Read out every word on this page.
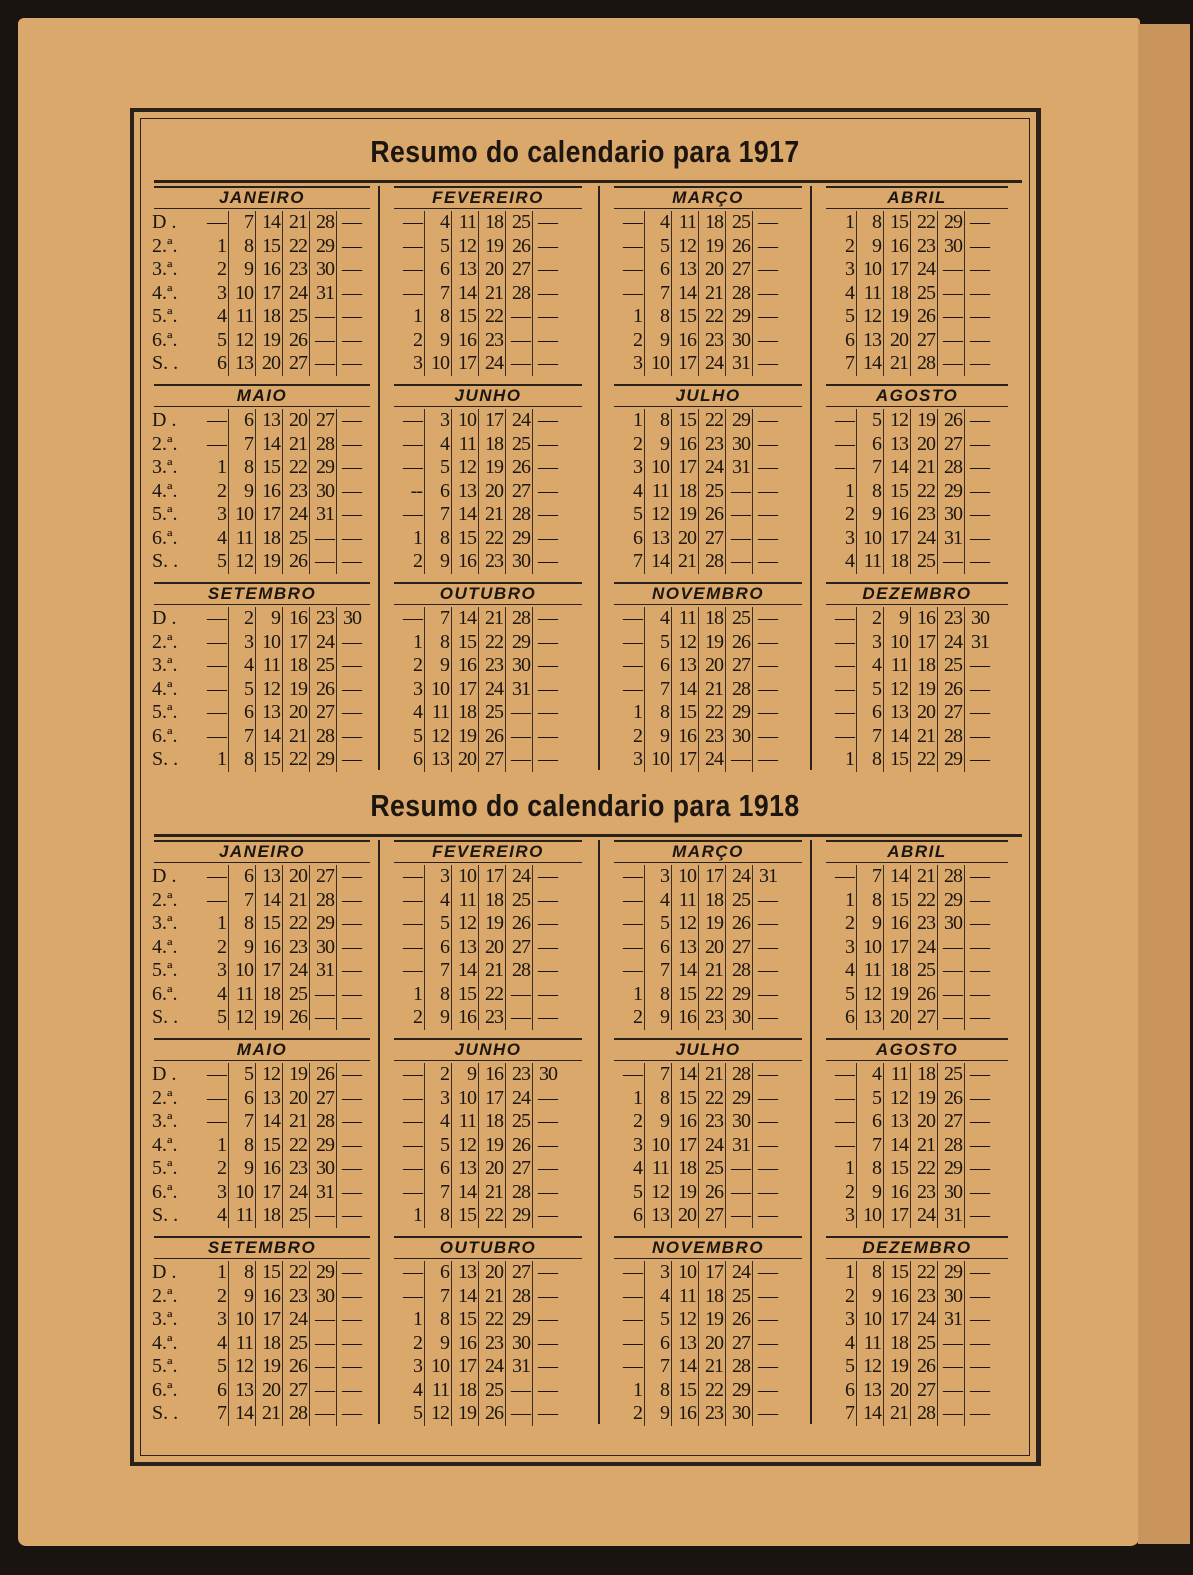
Resumo do calendario para 1917
Resumo do calendario para 1918
JANEIRO
D .
2.ª.
3.ª.
4.ª.
5.ª.
6.ª.
S. .
—
1
2
3
4
5
6
7
8
9
10
11
12
13
14
15
16
17
18
19
20
21
22
23
24
25
26
27
28
29
30
31
—
—
—
—
—
—
—
—
—
—
FEVEREIRO
—
—
—
—
1
2
3
4
5
6
7
8
9
10
11
12
13
14
15
16
17
18
19
20
21
22
23
24
25
26
27
28
—
—
—
—
—
—
—
—
—
—
MARÇO
—
—
—
—
1
2
3
4
5
6
7
8
9
10
11
12
13
14
15
16
17
18
19
20
21
22
23
24
25
26
27
28
29
30
31
—
—
—
—
—
—
—
ABRIL
1
2
3
4
5
6
7
8
9
10
11
12
13
14
15
16
17
18
19
20
21
22
23
24
25
26
27
28
29
30
—
—
—
—
—
—
—
—
—
—
—
—
MAIO
D .
2.ª.
3.ª.
4.ª.
5.ª.
6.ª.
S. .
—
—
1
2
3
4
5
6
7
8
9
10
11
12
13
14
15
16
17
18
19
20
21
22
23
24
25
26
27
28
29
30
31
—
—
—
—
—
—
—
—
—
JUNHO
—
—
—
--
—
1
2
3
4
5
6
7
8
9
10
11
12
13
14
15
16
17
18
19
20
21
22
23
24
25
26
27
28
29
30
—
—
—
—
—
—
—
JULHO
1
2
3
4
5
6
7
8
9
10
11
12
13
14
15
16
17
18
19
20
21
22
23
24
25
26
27
28
29
30
31
—
—
—
—
—
—
—
—
—
—
—
AGOSTO
—
—
—
1
2
3
4
5
6
7
8
9
10
11
12
13
14
15
16
17
18
19
20
21
22
23
24
25
26
27
28
29
30
31
—
—
—
—
—
—
—
—
SETEMBRO
D .
2.ª.
3.ª.
4.ª.
5.ª.
6.ª.
S. .
—
—
—
—
—
—
1
2
3
4
5
6
7
8
9
10
11
12
13
14
15
16
17
18
19
20
21
22
23
24
25
26
27
28
29
30
—
—
—
—
—
—
OUTUBRO
—
1
2
3
4
5
6
7
8
9
10
11
12
13
14
15
16
17
18
19
20
21
22
23
24
25
26
27
28
29
30
31
—
—
—
—
—
—
—
—
—
—
NOVEMBRO
—
—
—
—
1
2
3
4
5
6
7
8
9
10
11
12
13
14
15
16
17
18
19
20
21
22
23
24
25
26
27
28
29
30
—
—
—
—
—
—
—
—
DEZEMBRO
—
—
—
—
—
—
1
2
3
4
5
6
7
8
9
10
11
12
13
14
15
16
17
18
19
20
21
22
23
24
25
26
27
28
29
30
31
—
—
—
—
—
JANEIRO
D .
2.ª.
3.ª.
4.ª.
5.ª.
6.ª.
S. .
—
—
1
2
3
4
5
6
7
8
9
10
11
12
13
14
15
16
17
18
19
20
21
22
23
24
25
26
27
28
29
30
31
—
—
—
—
—
—
—
—
—
FEVEREIRO
—
—
—
—
—
1
2
3
4
5
6
7
8
9
10
11
12
13
14
15
16
17
18
19
20
21
22
23
24
25
26
27
28
—
—
—
—
—
—
—
—
—
MARÇO
—
—
—
—
—
1
2
3
4
5
6
7
8
9
10
11
12
13
14
15
16
17
18
19
20
21
22
23
24
25
26
27
28
29
30
31
—
—
—
—
—
—
ABRIL
—
1
2
3
4
5
6
7
8
9
10
11
12
13
14
15
16
17
18
19
20
21
22
23
24
25
26
27
28
29
30
—
—
—
—
—
—
—
—
—
—
—
MAIO
D .
2.ª.
3.ª.
4.ª.
5.ª.
6.ª.
S. .
—
—
—
1
2
3
4
5
6
7
8
9
10
11
12
13
14
15
16
17
18
19
20
21
22
23
24
25
26
27
28
29
30
31
—
—
—
—
—
—
—
—
JUNHO
—
—
—
—
—
—
1
2
3
4
5
6
7
8
9
10
11
12
13
14
15
16
17
18
19
20
21
22
23
24
25
26
27
28
29
30
—
—
—
—
—
—
JULHO
—
1
2
3
4
5
6
7
8
9
10
11
12
13
14
15
16
17
18
19
20
21
22
23
24
25
26
27
28
29
30
31
—
—
—
—
—
—
—
—
—
—
AGOSTO
—
—
—
—
1
2
3
4
5
6
7
8
9
10
11
12
13
14
15
16
17
18
19
20
21
22
23
24
25
26
27
28
29
30
31
—
—
—
—
—
—
—
SETEMBRO
D .
2.ª.
3.ª.
4.ª.
5.ª.
6.ª.
S. .
1
2
3
4
5
6
7
8
9
10
11
12
13
14
15
16
17
18
19
20
21
22
23
24
25
26
27
28
29
30
—
—
—
—
—
—
—
—
—
—
—
—
OUTUBRO
—
—
1
2
3
4
5
6
7
8
9
10
11
12
13
14
15
16
17
18
19
20
21
22
23
24
25
26
27
28
29
30
31
—
—
—
—
—
—
—
—
—
NOVEMBRO
—
—
—
—
—
1
2
3
4
5
6
7
8
9
10
11
12
13
14
15
16
17
18
19
20
21
22
23
24
25
26
27
28
29
30
—
—
—
—
—
—
—
DEZEMBRO
1
2
3
4
5
6
7
8
9
10
11
12
13
14
15
16
17
18
19
20
21
22
23
24
25
26
27
28
29
30
31
—
—
—
—
—
—
—
—
—
—
—
